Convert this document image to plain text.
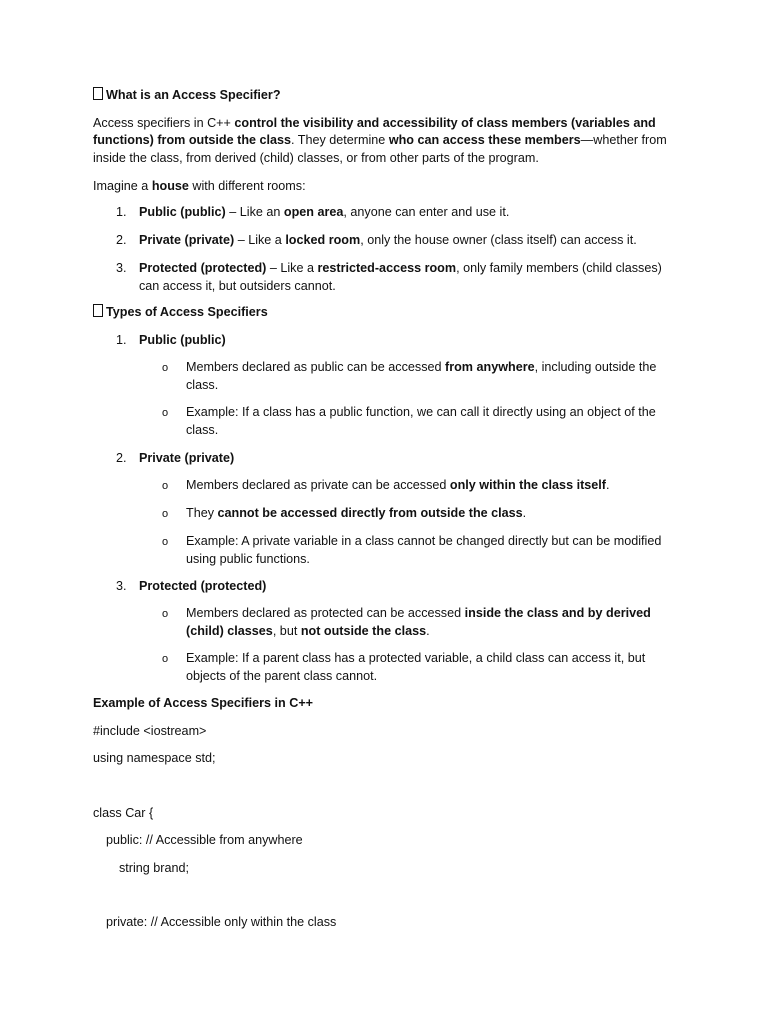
What is an Access Specifier?
Access specifiers in C++ control the visibility and accessibility of class members (variables and
functions) from outside the class. They determine who can access these members—whether from
inside the class, from derived (child) classes, or from other parts of the program.
Imagine a house with different rooms:
1. Public (public) – Like an open area, anyone can enter and use it.
2. Private (private) – Like a locked room, only the house owner (class itself) can access it.
3. Protected (protected) – Like a restricted-access room, only family members (child classes)
can access it, but outsiders cannot.
Types of Access Specifiers
1. Public (public)
o Members declared as public can be accessed from anywhere, including outside the
class.
o Example: If a class has a public function, we can call it directly using an object of the
class.
2. Private (private)
o Members declared as private can be accessed only within the class itself.
o They cannot be accessed directly from outside the class.
o Example: A private variable in a class cannot be changed directly but can be modified
using public functions.
3. Protected (protected)
o Members declared as protected can be accessed inside the class and by derived
(child) classes, but not outside the class.
o Example: If a parent class has a protected variable, a child class can access it, but
objects of the parent class cannot.
Example of Access Specifiers in C++
#include <iostream>
using namespace std;
class Car {
public: // Accessible from anywhere
string brand;
private: // Accessible only within the class
